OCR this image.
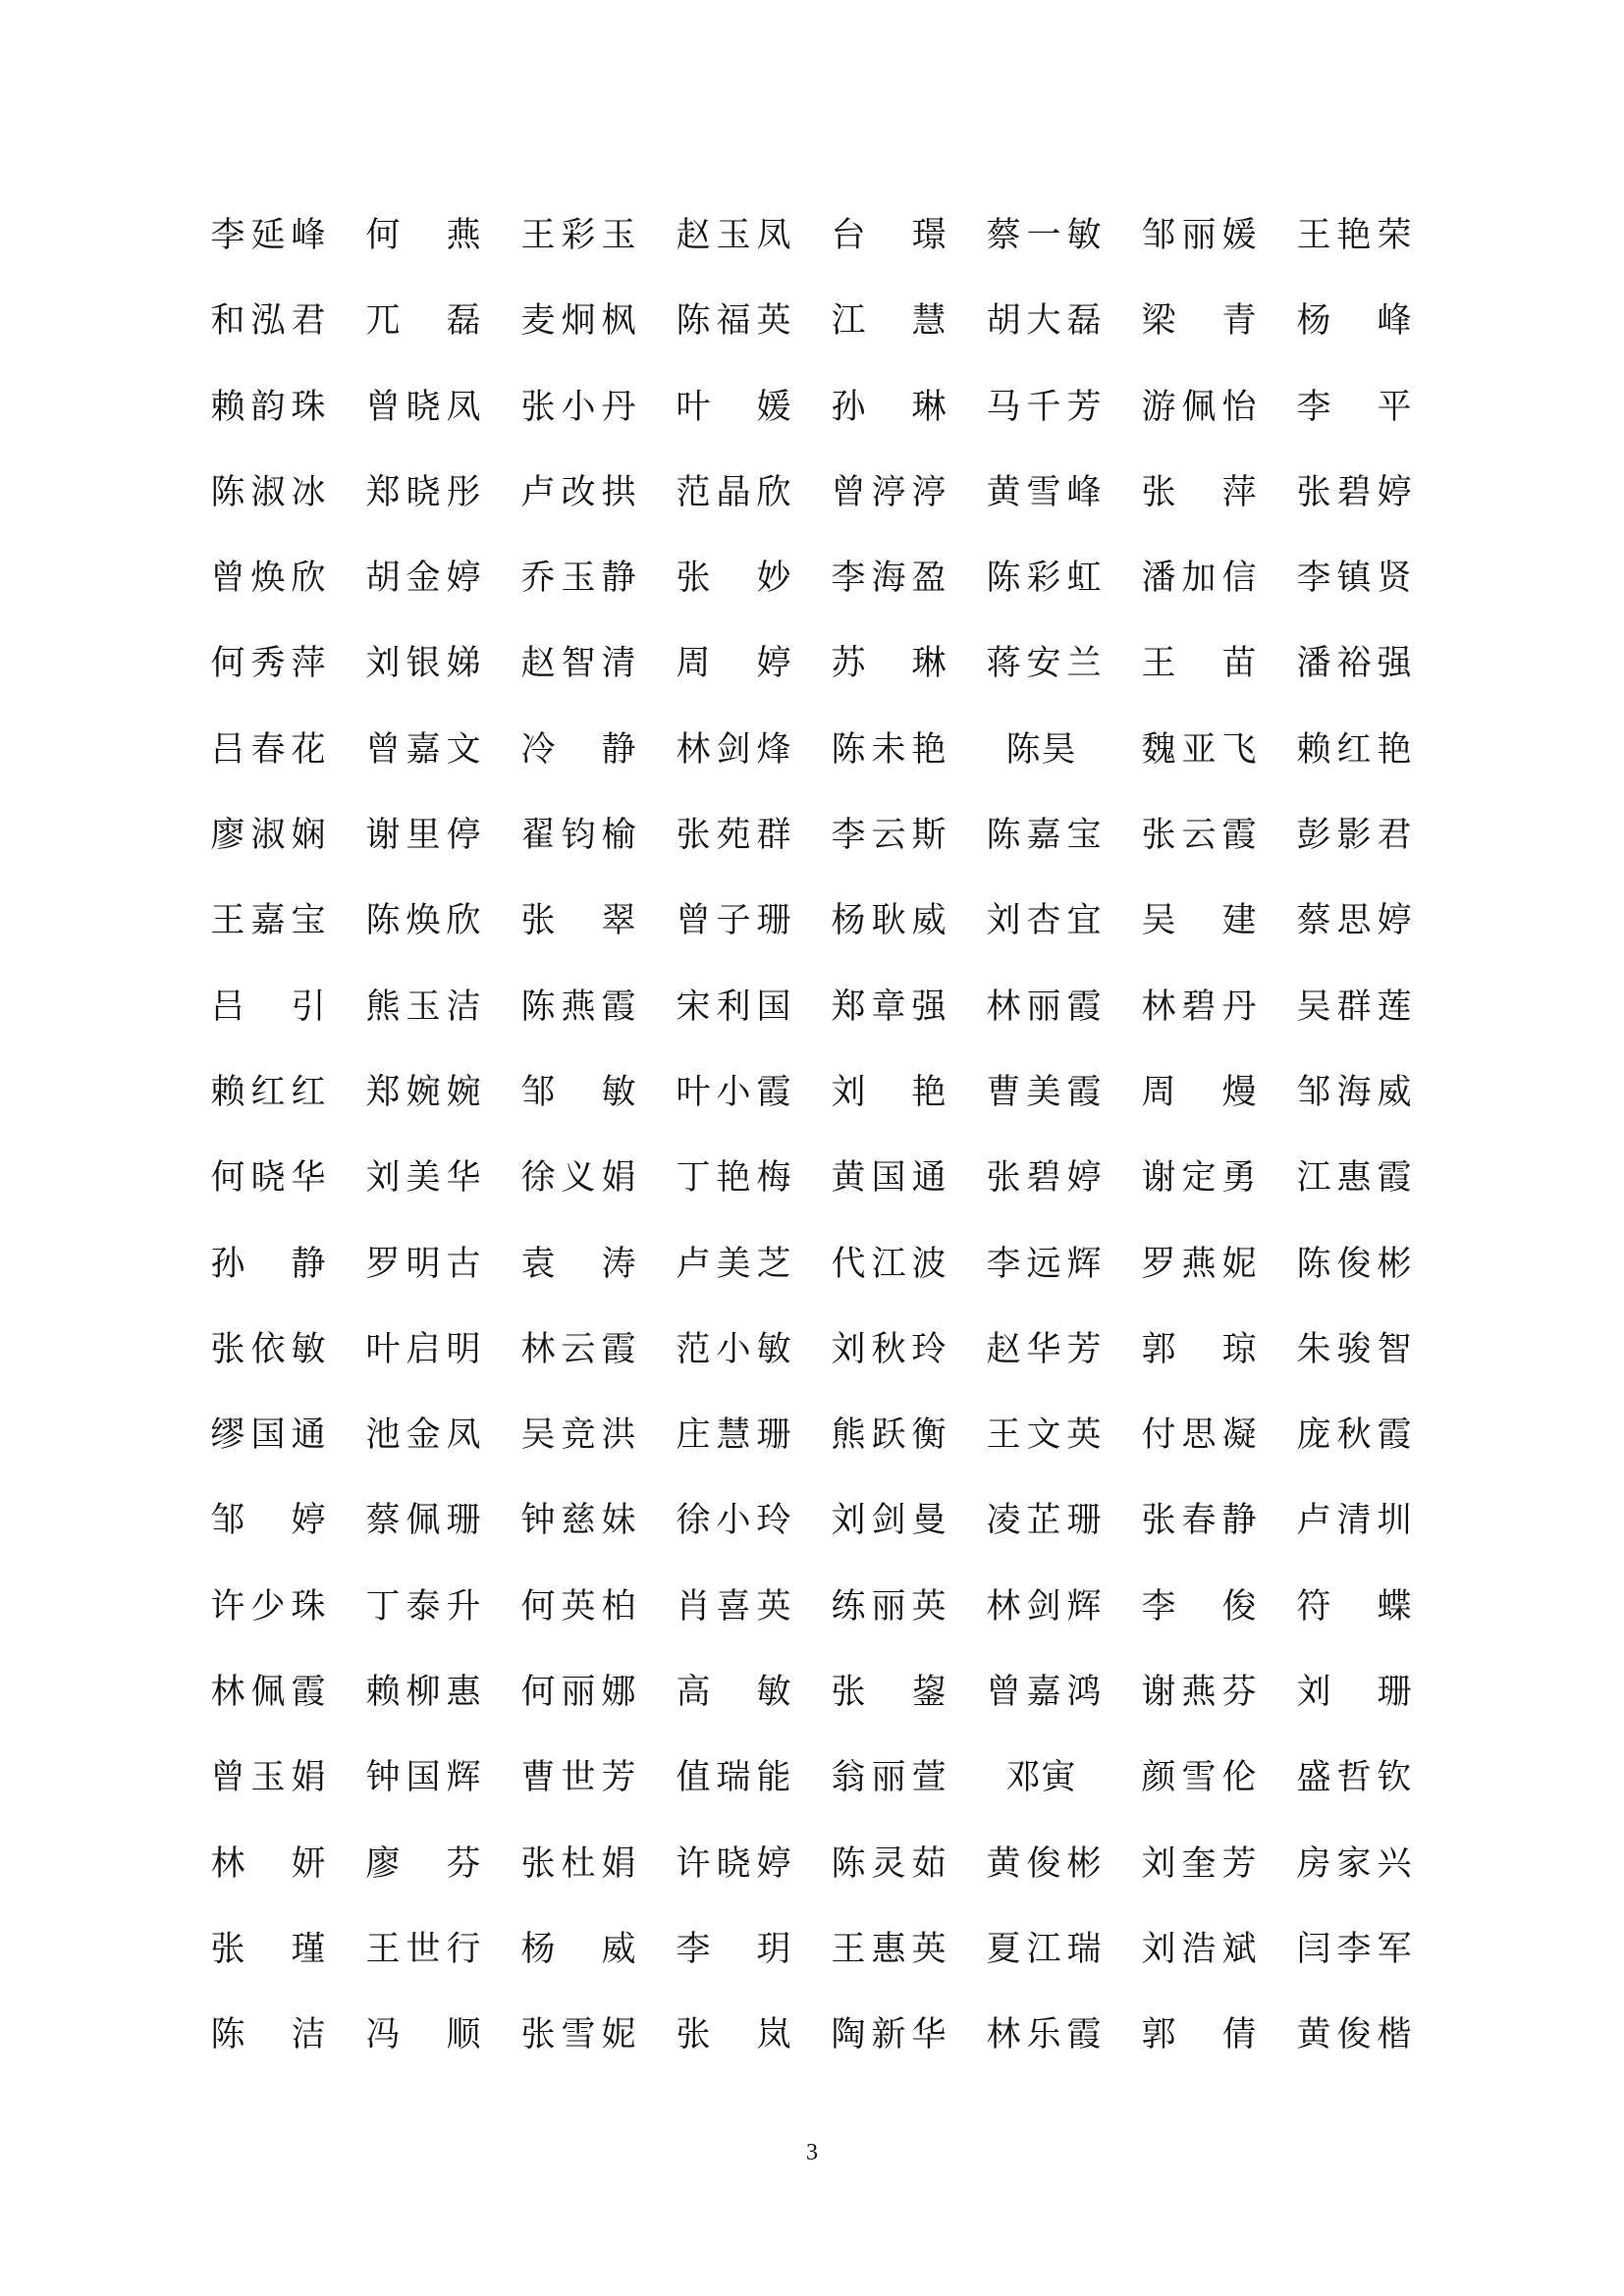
李 延 峰 何 燕 王 彩 玉 赵 玉 凤 台 璟 蔡 一 敏 邹 丽 媛 王 艳 荣
和 泓 君 兀 磊 麦 炯 枫 陈 福 英 江 慧 胡 大 磊 梁 青 杨 峰
赖 韵 珠 曾 晓 凤 张 小 丹 叶 媛 孙 琳 马 千 芳 游 佩 怡 李 平
陈 淑 冰 郑 晓 彤 卢 改 拱 范 晶 欣 曾 渟 渟 黄 雪 峰 张 萍 张 碧 婷
曾 焕 欣 胡 金 婷 乔 玉 静 张 妙 李 海 盈 陈 彩 虹 潘 加 信 李 镇 贤
何 秀 萍 刘 银 娣 赵 智 清 周 婷 苏 琳 蒋 安 兰 王 苗 潘 裕 强
吕 春 花 曾 嘉 文 冷 静 林 剑 烽 陈 未 艳 陈昊	魏 亚 飞 赖 红 艳
廖 淑 娴 谢 里 停 翟 钧 榆 张 苑 群 李 云 斯 陈 嘉 宝 张 云 霞 彭 影 君
王 嘉 宝 陈 焕 欣 张 翠 曾 子 珊 杨 耿 威 刘 杏 宜 吴 建 蔡 思 婷
吕 引 熊 玉 洁 陈 燕 霞 宋 利 国 郑 章 强 林 丽 霞 林 碧 丹 吴 群 莲
赖 红 红 郑 婉 婉 邹 敏 叶 小 霞 刘 艳 曹 美 霞 周 熳 邹 海 威
何 晓 华 刘 美 华 徐 义 娟 丁 艳 梅 黄 国 通 张 碧 婷 谢 定 勇 江 惠 霞
孙 静 罗 明 古 袁 涛 卢 美 芝 代 江 波 李 远 辉 罗 燕 妮 陈 俊 彬
张 依 敏 叶 启 明 林 云 霞 范 小 敏 刘 秋 玲 赵 华 芳 郭 琼 朱 骏 智
缪 国 通 池 金 凤 吴 竞 洪 庄 慧 珊 熊 跃 衡 王 文 英 付 思 凝 庞 秋 霞
邹 婷 蔡 佩 珊 钟 慈 妹 徐 小 玲 刘 剑 曼 凌 芷 珊 张 春 静 卢 清 圳
许 少 珠 丁 泰 升 何 英 柏 肖 喜 英 练 丽 英 林 剑 辉 李 俊 符 蝶
林 佩 霞 赖 柳 惠 何 丽 娜 高 敏 张 鋆 曾 嘉 鸿 谢 燕 芬 刘 珊
曾 玉 娟 钟 国 辉 曹 世 芳 值 瑞 能 翁 丽 萱 邓寅	颜 雪 伦 盛 哲 钦
林 妍 廖 芬 张 杜 娟 许 晓 婷 陈 灵 茹 黄 俊 彬 刘 奎 芳 房 家 兴
张 瑾 王 世 行 杨 威 李 玥 王 惠 英 夏 江 瑞 刘 浩 斌 闫 李 军
陈 洁 冯 顺 张 雪 妮 张 岚 陶 新 华 林 乐 霞 郭 倩 黄 俊 楷
3
